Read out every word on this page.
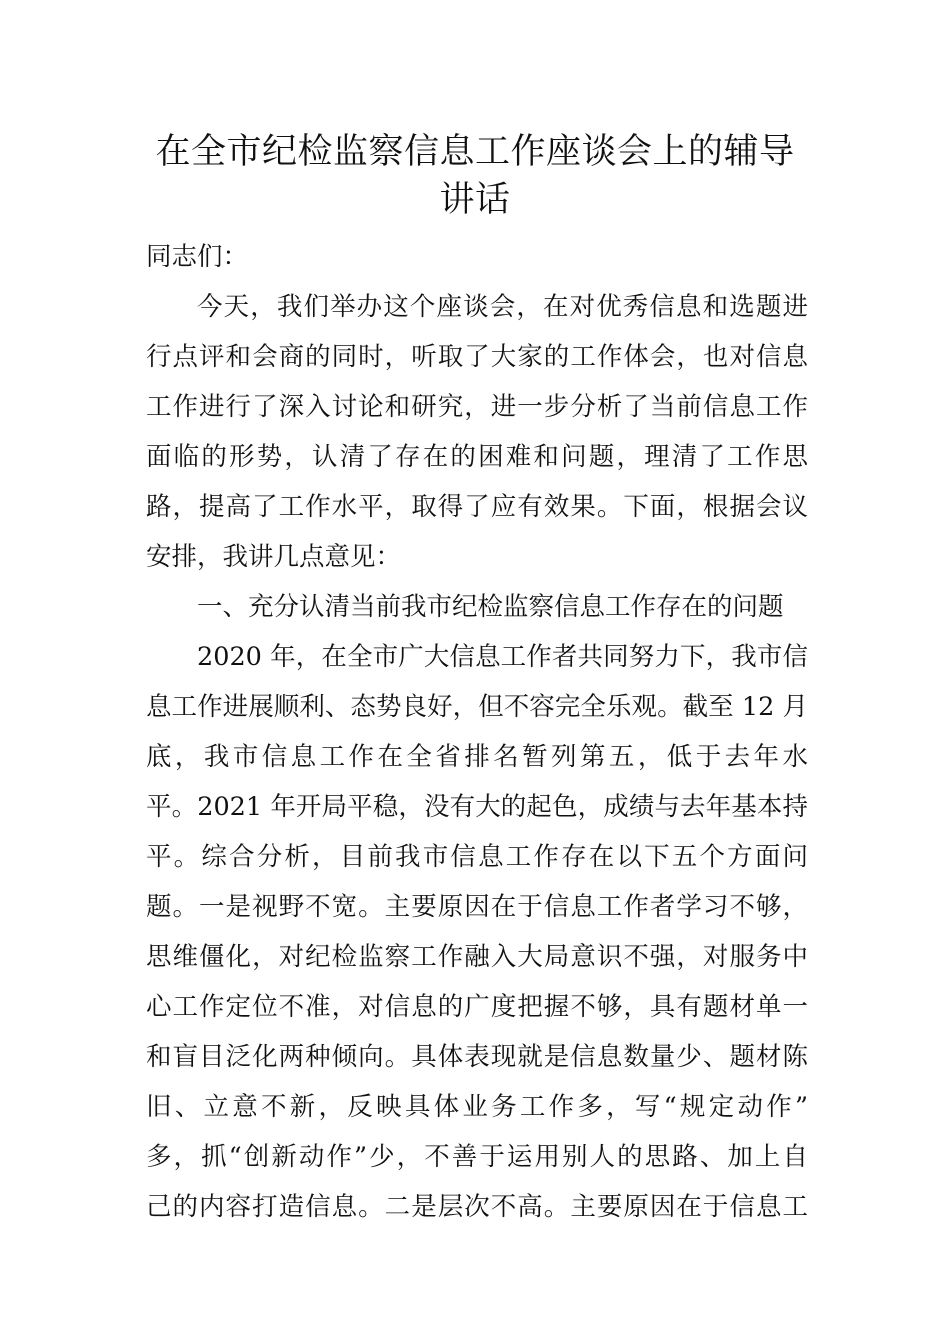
在全市纪检监察信息工作座谈会上的辅导
讲话

同志们：

今天，我们举办这个座谈会，在对优秀信息和选题进
行点评和会商的同时，听取了大家的工作体会，也对信息
工作进行了深入讨论和研究，进一步分析了当前信息工作
面临的形势，认清了存在的困难和问题，理清了工作思
路，提高了工作水平，取得了应有效果。下面，根据会议
安排，我讲几点意见：

一、充分认清当前我市纪检监察信息工作存在的问题

2020 年，在全市广大信息工作者共同努力下，我市信
息工作进展顺利、态势良好，但不容完全乐观。截至 12 月
底，我市信息工作在全省排名暂列第五，低于去年水
平。2021 年开局平稳，没有大的起色，成绩与去年基本持
平。综合分析，目前我市信息工作存在以下五个方面问
题。一是视野不宽。主要原因在于信息工作者学习不够，
思维僵化，对纪检监察工作融入大局意识不强，对服务中
心工作定位不准，对信息的广度把握不够，具有题材单一
和盲目泛化两种倾向。具体表现就是信息数量少、题材陈
旧、立意不新，反映具体业务工作多，写“规定动作”
多，抓“创新动作”少，不善于运用别人的思路、加上自
己的内容打造信息。二是层次不高。主要原因在于信息工
